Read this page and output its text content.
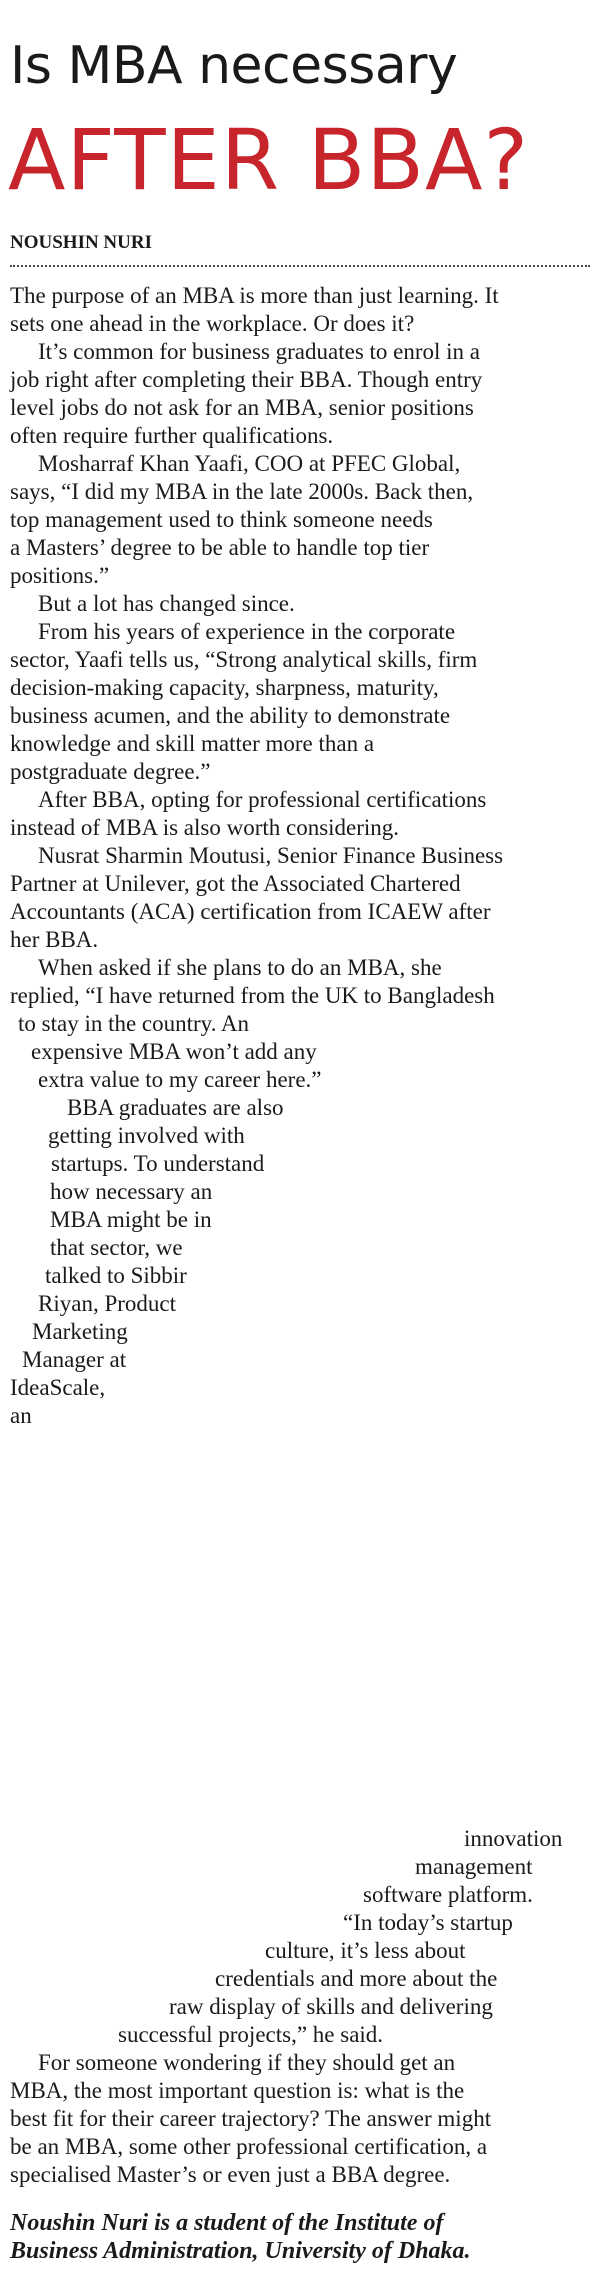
Is MBA necessary
AFTER BBA?
NOUSHIN NURI
The purpose of an MBA is more than just learning. It
sets one ahead in the workplace. Or does it?
It’s common for business graduates to enrol in a
job right after completing their BBA. Though entry
level jobs do not ask for an MBA, senior positions
often require further qualifications.
Mosharraf Khan Yaafi, COO at PFEC Global,
says, “I did my MBA in the late 2000s. Back then,
top management used to think someone needs
a Masters’ degree to be able to handle top tier
positions.”
But a lot has changed since.
From his years of experience in the corporate
sector, Yaafi tells us, “Strong analytical skills, firm
decision-making capacity, sharpness, maturity,
business acumen, and the ability to demonstrate
knowledge and skill matter more than a
postgraduate degree.”
After BBA, opting for professional certifications
instead of MBA is also worth considering.
Nusrat Sharmin Moutusi, Senior Finance Business
Partner at Unilever, got the Associated Chartered
Accountants (ACA) certification from ICAEW after
her BBA.
When asked if she plans to do an MBA, she
replied, “I have returned from the UK to Bangladesh
to stay in the country. An
expensive MBA won’t add any
extra value to my career here.”
BBA graduates are also
getting involved with
startups. To understand
how necessary an
MBA might be in
that sector, we
talked to Sibbir
Riyan, Product
Marketing
Manager at
IdeaScale,
an
innovation
management
software platform.
“In today’s startup
culture, it’s less about
credentials and more about the
raw display of skills and delivering
successful projects,” he said.
For someone wondering if they should get an
MBA, the most important question is: what is the
best fit for their career trajectory? The answer might
be an MBA, some other professional certification, a
specialised Master’s or even just a BBA degree.
Noushin Nuri is a student of the Institute of
Business Administration, University of Dhaka.
